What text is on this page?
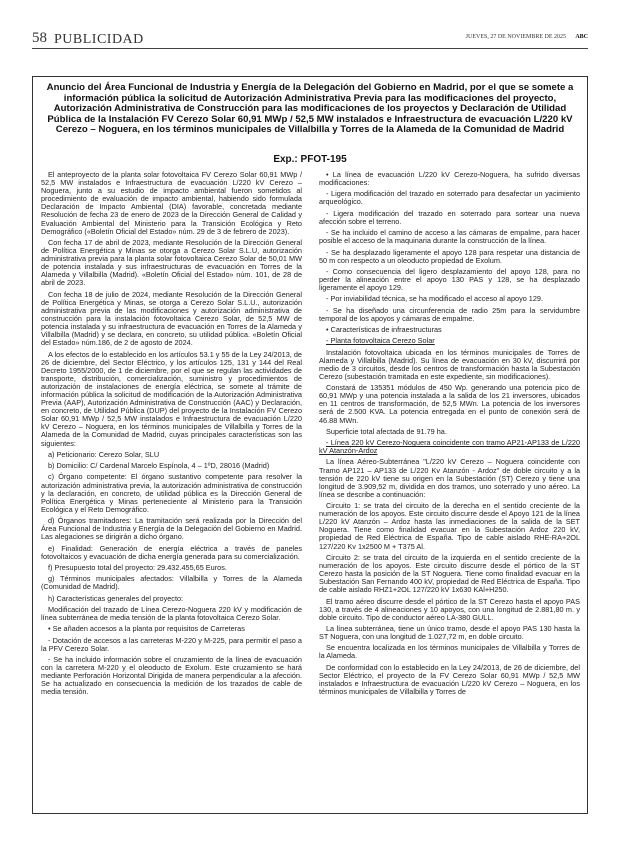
58 PUBLICIDAD	JUEVES, 27 DE NOVIEMBRE DE 2025 ABC
Anuncio del Área Funcional de Industria y Energía de la Delegación del Gobierno en Madrid, por el que se somete a información pública la solicitud de Autorización Administrativa Previa para las modificaciones del proyecto, Autorización Administrativa de Construcción para las modificaciones de los proyectos y Declaración de Utilidad Pública de la Instalación FV Cerezo Solar 60,91 MWp / 52,5 MW instalados e Infraestructura de evacuación L/220 kV Cerezo – Noguera, en los términos municipales de Villalbilla y Torres de la Alameda de la Comunidad de Madrid
Exp.: PFOT-195

El anteproyecto de la planta solar fotovoltaica FV Cerezo Solar 60,91 MWp / 52,5 MW instalados e Infraestructura de evacuación L/220 kV Cerezo – Noguera, junto a su estudio de impacto ambiental fueron sometidos al procedimiento de evaluación de impacto ambiental, habiendo sido formulada Declaración de Impacto Ambiental (DIA) favorable, concretada mediante Resolución de fecha 23 de enero de 2023 de la Dirección General de Calidad y Evaluación Ambiental del Ministerio para la Transición Ecológica y Reto Demográfico («Boletín Oficial del Estado» núm. 29 de 3 de febrero de 2023).

Con fecha 17 de abril de 2023, mediante Resolución de la Dirección General de Política Energética y Minas se otorga a Cerezo Solar S.L.U, autorización administrativa previa para la planta solar fotovoltaica Cerezo Solar de 50,01 MW de potencia instalada y sus infraestructuras de evacuación en Torres de la Alameda y Villalbilla (Madrid). «Boletín Oficial del Estado» núm. 101, de 28 de abril de 2023.

Con fecha 18 de julio de 2024, mediante Resolución de la Dirección General de Política Energética y Minas, se otorga a Cerezo Solar S.L.U., autorización administrativa previa de las modificaciones y autorización administrativa de construcción para la instalación fotovoltaica Cerezo Solar, de 52,5 MW de potencia instalada y su infraestructura de evacuación en Torres de la Alameda y Villalbilla (Madrid) y se declara, en concreto, su utilidad pública. «Boletín Oficial del Estado» núm.186, de 2 de agosto de 2024.

A los efectos de lo establecido en los artículos 53.1 y 55 de la Ley 24/2013, de 26 de diciembre, del Sector Eléctrico, y los artículos 125, 131 y 144 del Real Decreto 1955/2000, de 1 de diciembre, por el que se regulan las actividades de transporte, distribución, comercialización, suministro y procedimientos de autorización de instalaciones de energía eléctrica, se somete al trámite de información pública la solicitud de modificación de la Autorización Administrativa Previa (AAP), Autorización Administrativa de Construcción (AAC) y Declaración, en concreto, de Utilidad Pública (DUP) del proyecto de la Instalación FV Cerezo Solar 60,91 MWp / 52,5 MW instalados e Infraestructura de evacuación L/220 kV Cerezo – Noguera, en los términos municipales de Villalbilla y Torres de la Alameda de la Comunidad de Madrid, cuyas principales características son las siguientes:

a) Peticionario: Cerezo Solar, SLU

b) Domicilio: C/ Cardenal Marcelo Espínola, 4 – 1ºD, 28016 (Madrid)

c) Órgano competente: El órgano sustantivo competente para resolver la autorización administrativa previa, la autorización administrativa de construcción y la declaración, en concreto, de utilidad pública es la Dirección General de Política Energética y Minas perteneciente al Ministerio para la Transición Ecológica y el Reto Demográfico.

d) Órganos tramitadores: La tramitación será realizada por la Dirección del Área Funcional de Industria y Energía de la Delegación del Gobierno en Madrid. Las alegaciones se dirigirán a dicho órgano.

e) Finalidad: Generación de energía eléctrica a través de paneles fotovoltaicos y evacuación de dicha energía generada para su comercialización.

f) Presupuesto total del proyecto: 29.432.455,65 Euros.

g) Términos municipales afectados: Villalbilla y Torres de la Alameda (Comunidad de Madrid).

h) Características generales del proyecto:

Modificación del trazado de Línea Cerezo-Noguera 220 kV y modificación de línea subterránea de media tensión de la planta fotovoltaica Cerezo Solar.

• Se añaden accesos a la planta por requisitos de Carreteras

- Dotación de accesos a las carreteras M-220 y M-225, para permitir el paso a la PFV Cerezo Solar.

- Se ha incluido información sobre el cruzamiento de la línea de evacuación con la carretera M-220 y el oleoducto de Exolum. Este cruzamiento se hará mediante Perforación Horizontal Dirigida de manera perpendicular a la afección. Se ha actualizado en consecuencia la medición de los trazados de cable de media tensión.

• La línea de evacuación L/220 kV Cerezo-Noguera, ha sufrido diversas modificaciones:

- Ligera modificación del trazado en soterrado para desafectar un yacimiento arqueológico.

- Ligera modificación del trazado en soterrado para sortear una nueva afección sobre el terreno.

- Se ha incluido el camino de acceso a las cámaras de empalme, para hacer posible el acceso de la maquinaria durante la construcción de la línea.

- Se ha desplazado ligeramente el apoyo 128 para respetar una distancia de 50 m con respecto a un oleoducto propiedad de Exolum.

- Como consecuencia del ligero desplazamiento del apoyo 128, para no perder la alineación entre el apoyo 130 PAS y 128, se ha desplazado ligeramente el apoyo 129.

- Por inviabilidad técnica, se ha modificado el acceso al apoyo 129.

- Se ha diseñado una circunferencia de radio 25m para la servidumbre temporal de los apoyos y cámaras de empalme.

• Características de infraestructuras

- Planta fotovoltaica Cerezo Solar

Instalación fotovoltaica ubicada en los términos municipales de Torres de Alameda y Villalbilla (Madrid). Su línea de evacuación en 30 kV, discurrirá por medio de 3 circuitos, desde los centros de transformación hasta la Subestación Cerezo (subestación tramitada en este expediente, sin modificaciones).

Constará de 135351 módulos de 450 Wp. generando una potencia pico de 60,91 MWp y una potencia instalada a la salida de los 21 inversores, ubicados en 11 centros de transformación, de 52,5 MWn. La potencia de los inversores será de 2.500 KVA. La potencia entregada en el punto de conexión será de 46.88 MWn.

Superficie total afectada de 91.79 ha.

- Línea 220 kV Cerezo-Noguera coincidente con tramo AP21-AP133 de L/220 kV Atanzón-Ardoz

La línea Aéreo-Subterránea "L/220 kV Cerezo – Noguera coincidente con Tramo AP121 – AP133 de L/220 Kv Atanzón - Ardoz" de doble circuito y a la tensión de 220 kV tiene su origen en la Subestación (ST) Cerezo y tiene una longitud de 3.909,52 m, dividida en dos tramos, uno soterrado y uno aéreo. La línea se describe a continuación:

Circuito 1: se trata del circuito de la derecha en el sentido creciente de la numeración de los apoyos. Este circuito discurre desde el Apoyo 121 de la línea L/220 kV Atanzón – Ardoz hasta las inmediaciones de la salida de la SET Noguera. Tiene como finalidad evacuar en la Subestación Ardoz 220 kV, propiedad de Red Eléctrica de España. Tipo de cable aislado RHE-RA+2OL 127/220 Kv 1x2500 M + T375 Al.

Circuito 2: se trata del circuito de la izquierda en el sentido creciente de la numeración de los apoyos. Este circuito discurre desde el pórtico de la ST Cerezo hasta la posición de la ST Noguera. Tiene como finalidad evacuar en la Subestación San Fernando 400 kV, propiedad de Red Eléctrica de España. Tipo de cable aislado RHZ1+2OL 127/220 kV 1x630 KAl+H250.

El tramo aéreo discurre desde el pórtico de la ST Cerezo hasta el apoyo PAS 130, a través de 4 alineaciones y 10 apoyos, con una longitud de 2.881,80 m. y doble circuito. Tipo de conductor aéreo LA-380 GULL.

La línea subterránea, tiene un único tramo, desde el apoyo PAS 130 hasta la ST Noguera, con una longitud de 1.027,72 m, en doble circuito.

Se encuentra localizada en los términos municipales de Villalbilla y Torres de la Alameda.

De conformidad con lo establecido en la Ley 24/2013, de 26 de diciembre, del Sector Eléctrico, el proyecto de la FV Cerezo Solar 60,91 MWp / 52,5 MW instalados e Infraestructura de evacuación L/220 kV Cerezo – Noguera, en los términos municipales de Villalbilla y Torres de
